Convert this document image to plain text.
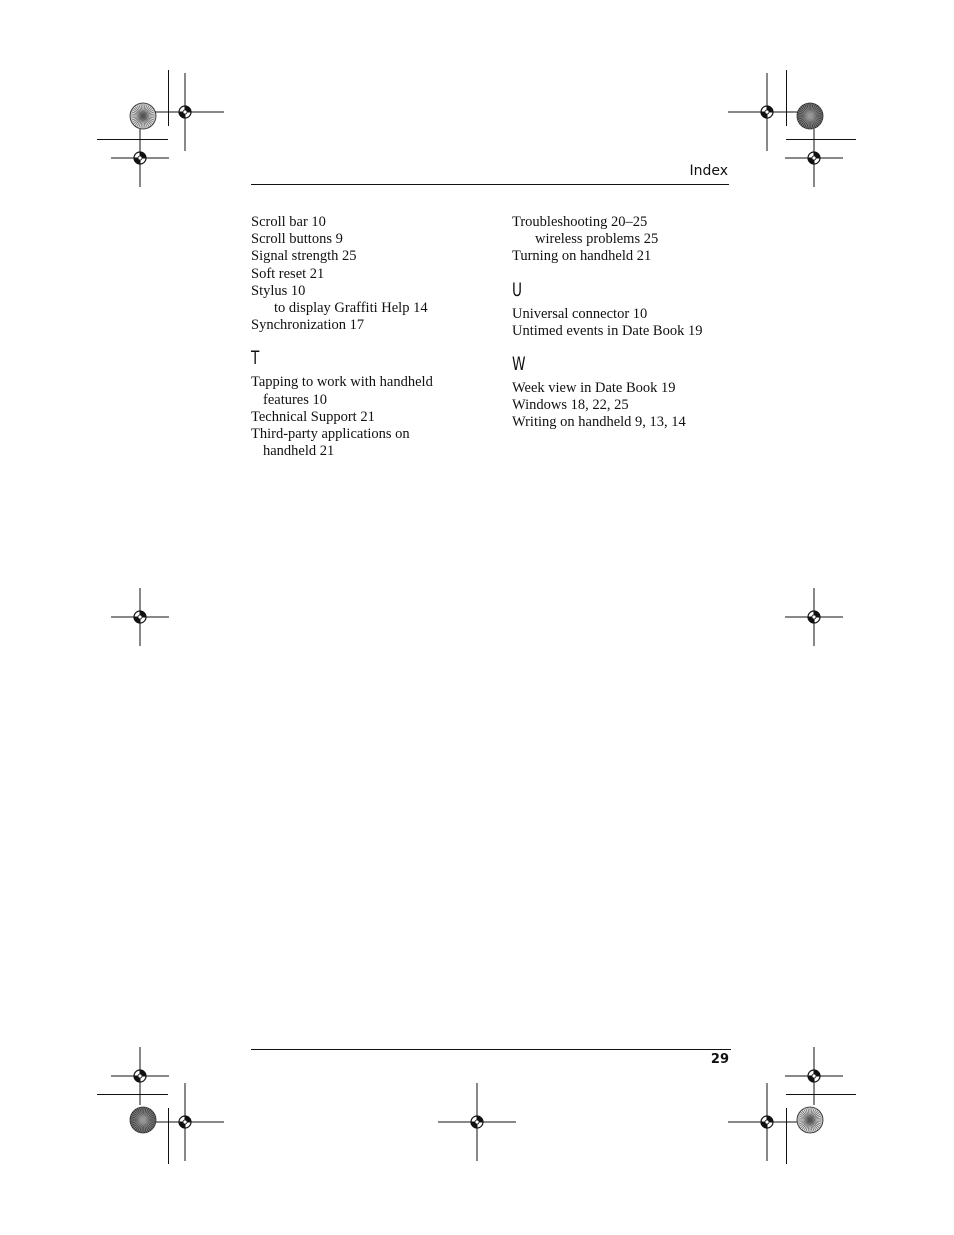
Index
Scroll bar 10
Scroll buttons 9
Signal strength 25
Soft reset 21
Stylus 10
to display Graffiti Help 14
Synchronization 17
T
Tapping to work with handheld
features 10
Technical Support 21
Third-party applications on
handheld 21
Troubleshooting 20–25
wireless problems 25
Turning on handheld 21
U
Universal connector 10
Untimed events in Date Book 19
W
Week view in Date Book 19
Windows 18, 22, 25
Writing on handheld 9, 13, 14
29
